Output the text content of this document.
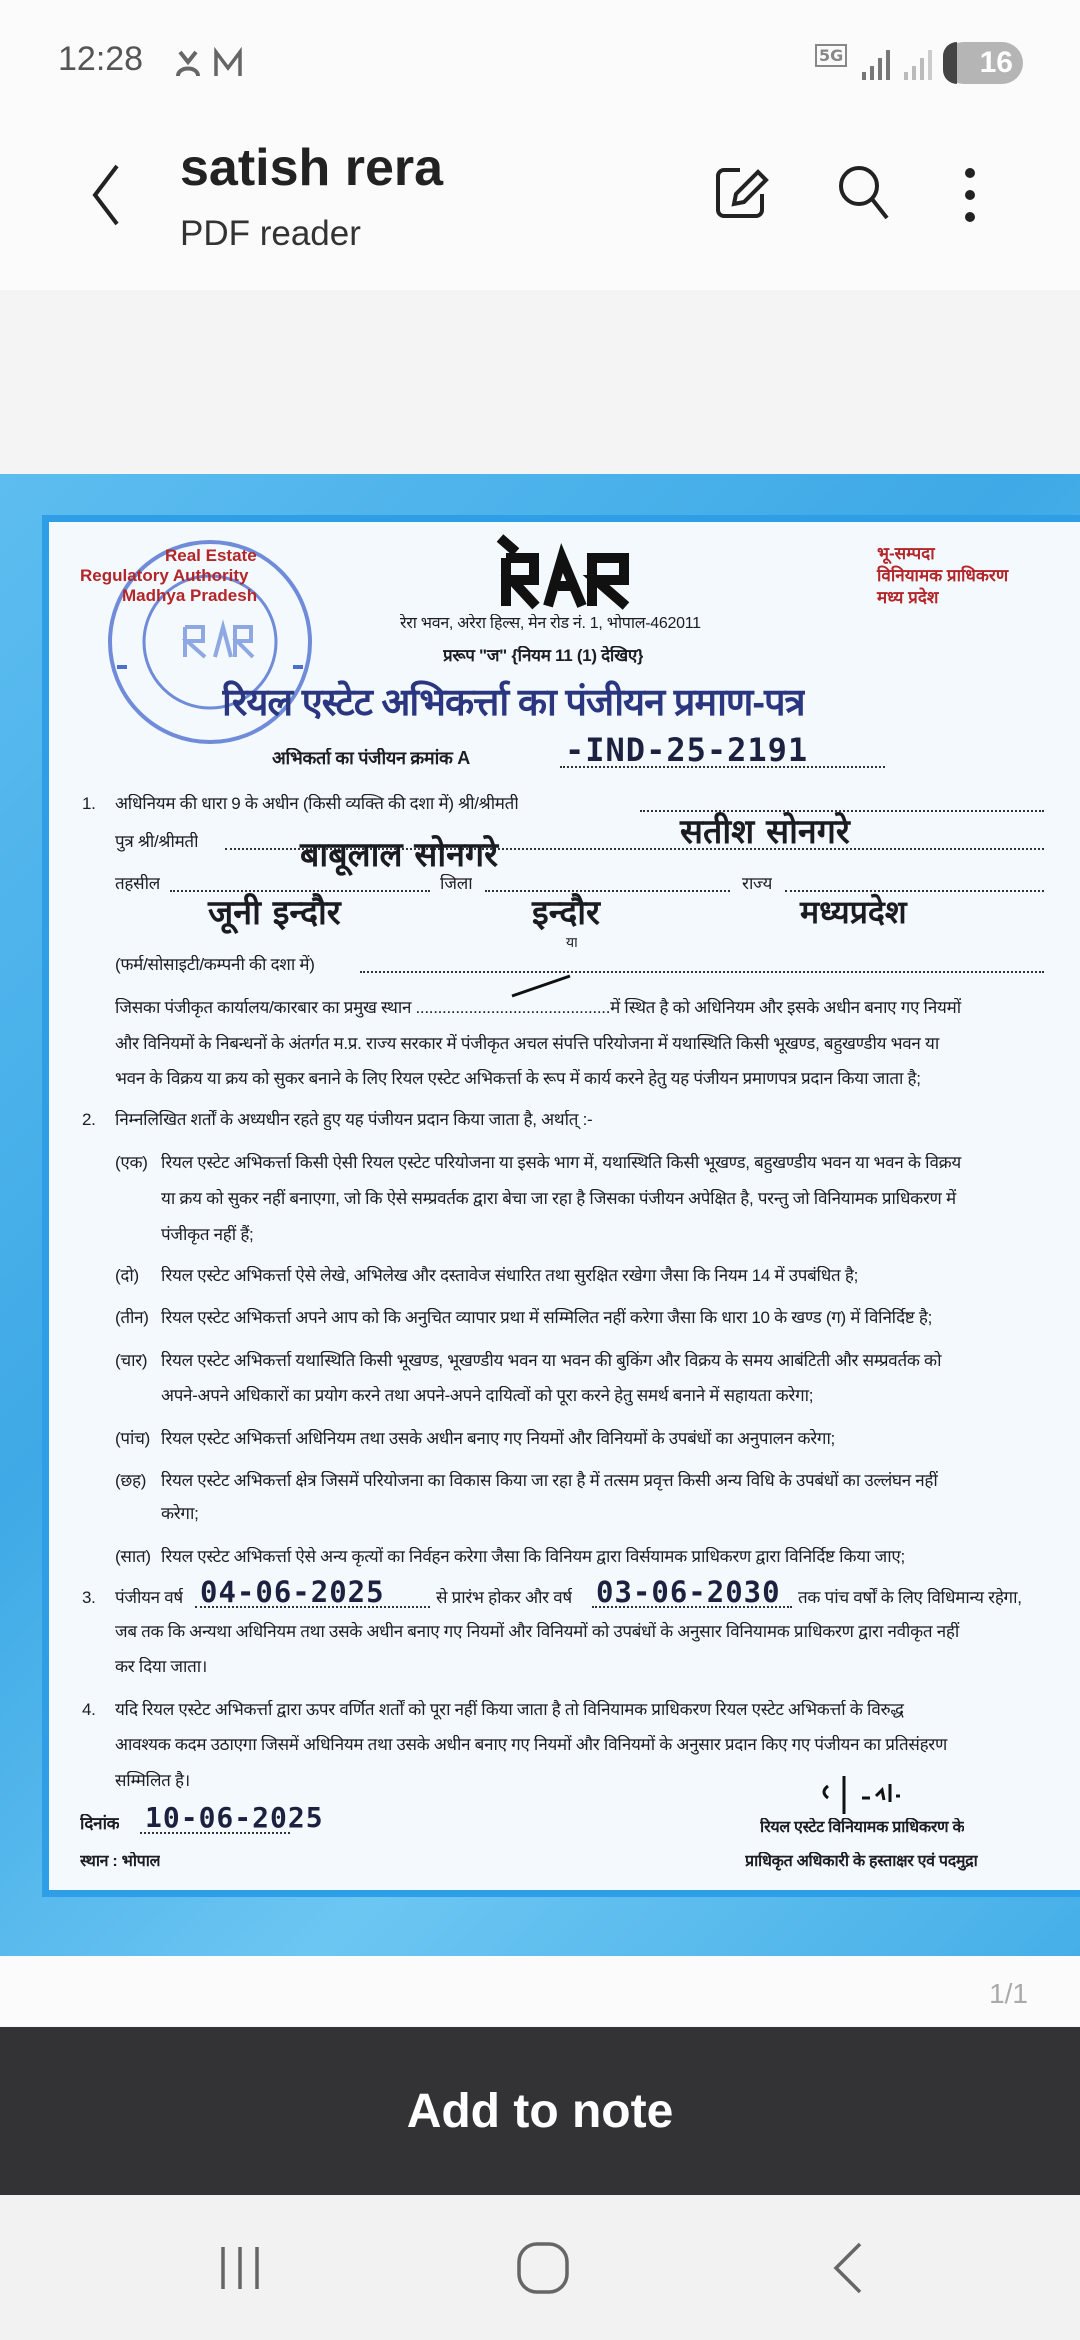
12:28	5G	16
satish rera
PDF reader
Real Estate
Regulatory Authority
Madhya Pradesh
भू-सम्पदा
विनियामक प्राधिकरण
मध्य प्रदेश
रेरा भवन, अरेरा हिल्स, मेन रोड नं. 1, भोपाल-462011
प्ररूप "ज" {नियम 11 (1) देखिए}
रियल एस्टेट अभिकर्त्ता का पंजीयन प्रमाण-पत्र
अभिकर्ता का पंजीयन क्रमांक A	-IND-25-2191
1. अधिनियम की धारा 9 के अधीन (किसी व्यक्ति की दशा में) श्री/श्रीमती
सतीश सोनगरे
पुत्र श्री/श्रीमती	बाबूलाल सोनगरे
तहसील	जिला	राज्य
जूनी इन्दौर	इन्दौर	मध्यप्रदेश
या
(फर्म/सोसाइटी/कम्पनी की दशा में)
जिसका पंजीकृत कार्यालय/कारबार का प्रमुख स्थान ............................................में स्थित है को अधिनियम और इसके अधीन बनाए गए नियमों
और विनियमों के निबन्धनों के अंतर्गत म.प्र. राज्य सरकार में पंजीकृत अचल संपत्ति परियोजना में यथास्थिति किसी भूखण्ड, बहुखण्डीय भवन या
भवन के विक्रय या क्रय को सुकर बनाने के लिए रियल एस्टेट अभिकर्त्ता के रूप में कार्य करने हेतु यह पंजीयन प्रमाणपत्र प्रदान किया जाता है;
2. निम्नलिखित शर्तों के अध्यधीन रहते हुए यह पंजीयन प्रदान किया जाता है, अर्थात् :-
(एक) रियल एस्टेट अभिकर्त्ता किसी ऐसी रियल एस्टेट परियोजना या इसके भाग में, यथास्थिति किसी भूखण्ड, बहुखण्डीय भवन या भवन के विक्रय
या क्रय को सुकर नहीं बनाएगा, जो कि ऐसे सम्प्रवर्तक द्वारा बेचा जा रहा है जिसका पंजीयन अपेक्षित है, परन्तु जो विनियामक प्राधिकरण में
पंजीकृत नहीं हैं;
(दो) रियल एस्टेट अभिकर्त्ता ऐसे लेखे, अभिलेख और दस्तावेज संधारित तथा सुरक्षित रखेगा जैसा कि नियम 14 में उपबंधित है;
(तीन) रियल एस्टेट अभिकर्त्ता अपने आप को कि अनुचित व्यापार प्रथा में सम्मिलित नहीं करेगा जैसा कि धारा 10 के खण्ड (ग) में विनिर्दिष्ट है;
(चार) रियल एस्टेट अभिकर्त्ता यथास्थिति किसी भूखण्ड, भूखण्डीय भवन या भवन की बुकिंग और विक्रय के समय आबंटिती और सम्प्रवर्तक को
अपने-अपने अधिकारों का प्रयोग करने तथा अपने-अपने दायित्वों को पूरा करने हेतु समर्थ बनाने में सहायता करेगा;
(पांच) रियल एस्टेट अभिकर्त्ता अधिनियम तथा उसके अधीन बनाए गए नियमों और विनियमों के उपबंधों का अनुपालन करेगा;
(छह) रियल एस्टेट अभिकर्त्ता क्षेत्र जिसमें परियोजना का विकास किया जा रहा है में तत्सम प्रवृत्त किसी अन्य विधि के उपबंधों का उल्लंघन नहीं
करेगा;
(सात) रियल एस्टेट अभिकर्त्ता ऐसे अन्य कृत्यों का निर्वहन करेगा जैसा कि विनियम द्वारा विर्सयामक प्राधिकरण द्वारा विनिर्दिष्ट किया जाए;
3. पंजीयन वर्ष 04-06-2025	से प्रारंभ होकर और वर्ष 03-06-2030 तक पांच वर्षों के लिए विधिमान्य रहेगा,
जब तक कि अन्यथा अधिनियम तथा उसके अधीन बनाए गए नियमों और विनियमों को उपबंधों के अनुसार विनियामक प्राधिकरण द्वारा नवीकृत नहीं
कर दिया जाता।
4. यदि रियल एस्टेट अभिकर्त्ता द्वारा ऊपर वर्णित शर्तों को पूरा नहीं किया जाता है तो विनियामक प्राधिकरण रियल एस्टेट अभिकर्त्ता के विरुद्ध
आवश्यक कदम उठाएगा जिसमें अधिनियम तथा उसके अधीन बनाए गए नियमों और विनियमों के अनुसार प्रदान किए गए पंजीयन का प्रतिसंहरण
सम्मिलित है।
दिनांक 10-06-2025
स्थान : भोपाल
रियल एस्टेट विनियामक प्राधिकरण के
प्राधिकृत अधिकारी के हस्ताक्षर एवं पदमुद्रा
1/1
Add to note
